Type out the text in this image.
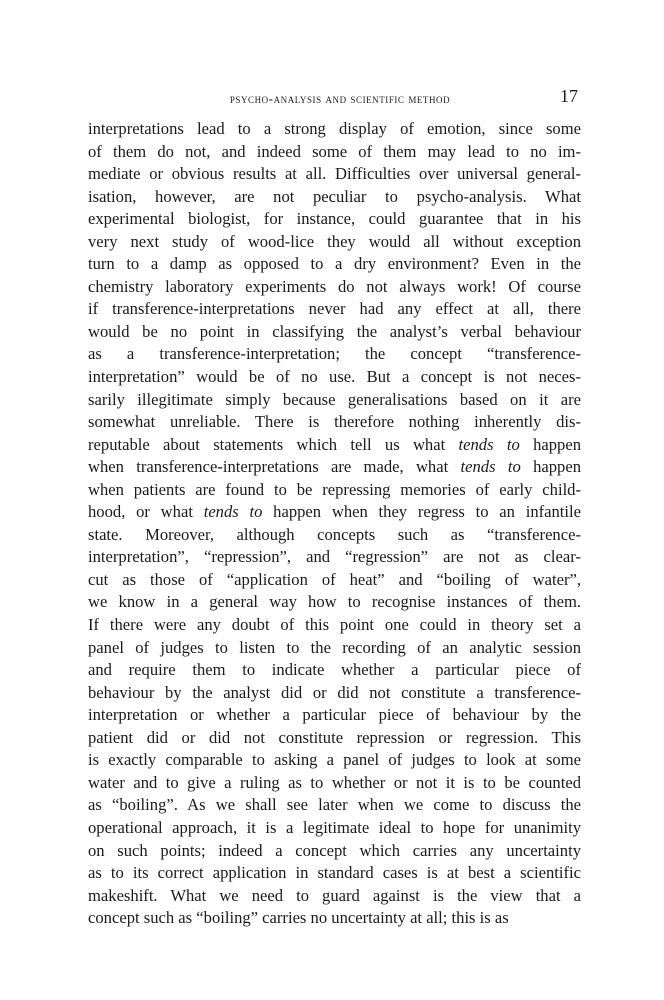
psycho-analysis and scientific method	17
interpretations lead to a strong display of emotion, since some
of them do not, and indeed some of them may lead to no im-
mediate or obvious results at all. Difficulties over universal general-
isation, however, are not peculiar to psycho-analysis. What
experimental biologist, for instance, could guarantee that in his
very next study of wood-lice they would all without exception
turn to a damp as opposed to a dry environment? Even in the
chemistry laboratory experiments do not always work! Of course
if transference-interpretations never had any effect at all, there
would be no point in classifying the analyst’s verbal behaviour
as a transference-interpretation; the concept “transference-
interpretation” would be of no use. But a concept is not neces-
sarily illegitimate simply because generalisations based on it are
somewhat unreliable. There is therefore nothing inherently dis-
reputable about statements which tell us what tends to happen
when transference-interpretations are made, what tends to happen
when patients are found to be repressing memories of early child-
hood, or what tends to happen when they regress to an infantile
state. Moreover, although concepts such as “transference-
interpretation”, “repression”, and “regression” are not as clear-
cut as those of “application of heat” and “boiling of water”,
we know in a general way how to recognise instances of them.
If there were any doubt of this point one could in theory set a
panel of judges to listen to the recording of an analytic session
and require them to indicate whether a particular piece of
behaviour by the analyst did or did not constitute a transference-
interpretation or whether a particular piece of behaviour by the
patient did or did not constitute repression or regression. This
is exactly comparable to asking a panel of judges to look at some
water and to give a ruling as to whether or not it is to be counted
as “boiling”. As we shall see later when we come to discuss the
operational approach, it is a legitimate ideal to hope for unanimity
on such points; indeed a concept which carries any uncertainty
as to its correct application in standard cases is at best a scientific
makeshift. What we need to guard against is the view that a
concept such as “boiling” carries no uncertainty at all; this is as
